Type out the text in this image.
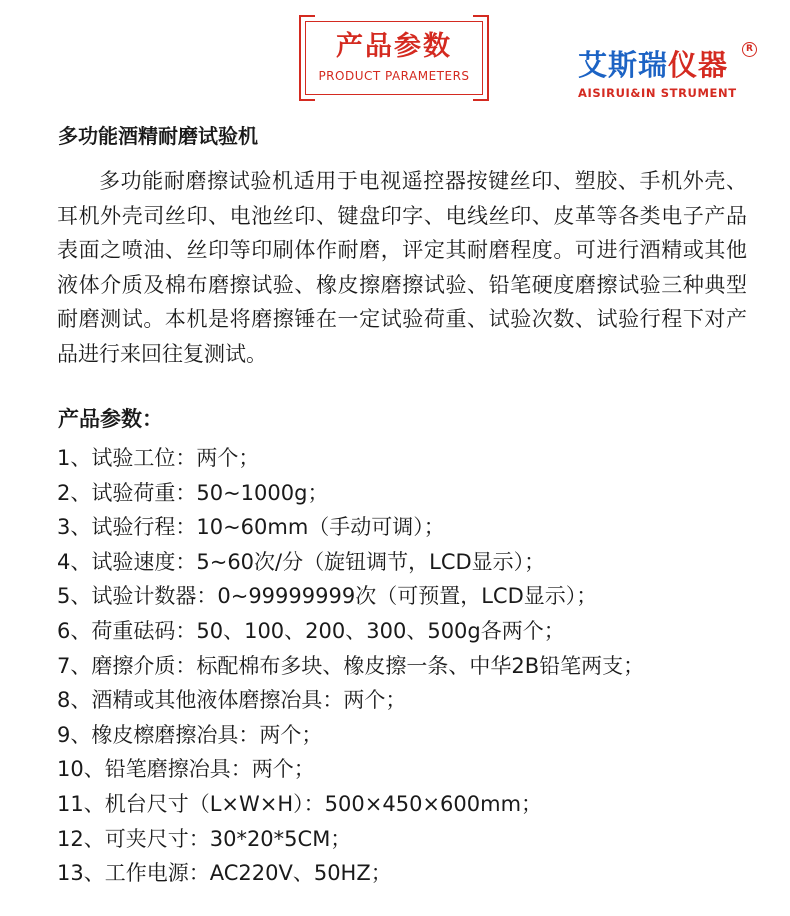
产品参数
PRODUCT PARAMETERS	艾斯瑞仪器	R
AISIRUI&IN STRUMENT
多功能酒精耐磨试验机

多功能耐磨擦试验机适用于电视遥控器按键丝印、塑胶、手机外壳、耳机外壳司丝印、电池丝印、键盘印字、电线丝印、皮革等各类电子产品表面之喷油、丝印等印刷体作耐磨，评定其耐磨程度。可进行酒精或其他液体介质及棉布磨擦试验、橡皮擦磨擦试验、铅笔硬度磨擦试验三种典型耐磨测试。本机是将磨擦锤在一定试验荷重、试验次数、试验行程下对产品进行来回往复测试。

产品参数：
1、试验工位：两个；
2、试验荷重：50~1000g；
3、试验行程：10~60mm（手动可调）；
4、试验速度：5~60次/分（旋钮调节，LCD显示）；
5、试验计数器：0~99999999次（可预置，LCD显示）；
6、荷重砝码：50、100、200、300、500g各两个；
7、磨擦介质：标配棉布多块、橡皮擦一条、中华2B铅笔两支；
8、酒精或其他液体磨擦冶具：两个；
9、橡皮檫磨擦冶具：两个；
10、铅笔磨擦冶具：两个；
11、机台尺寸（L×W×H）：500×450×600mm；
12、可夹尺寸：30*20*5CM；
13、工作电源：AC220V、50HZ；
